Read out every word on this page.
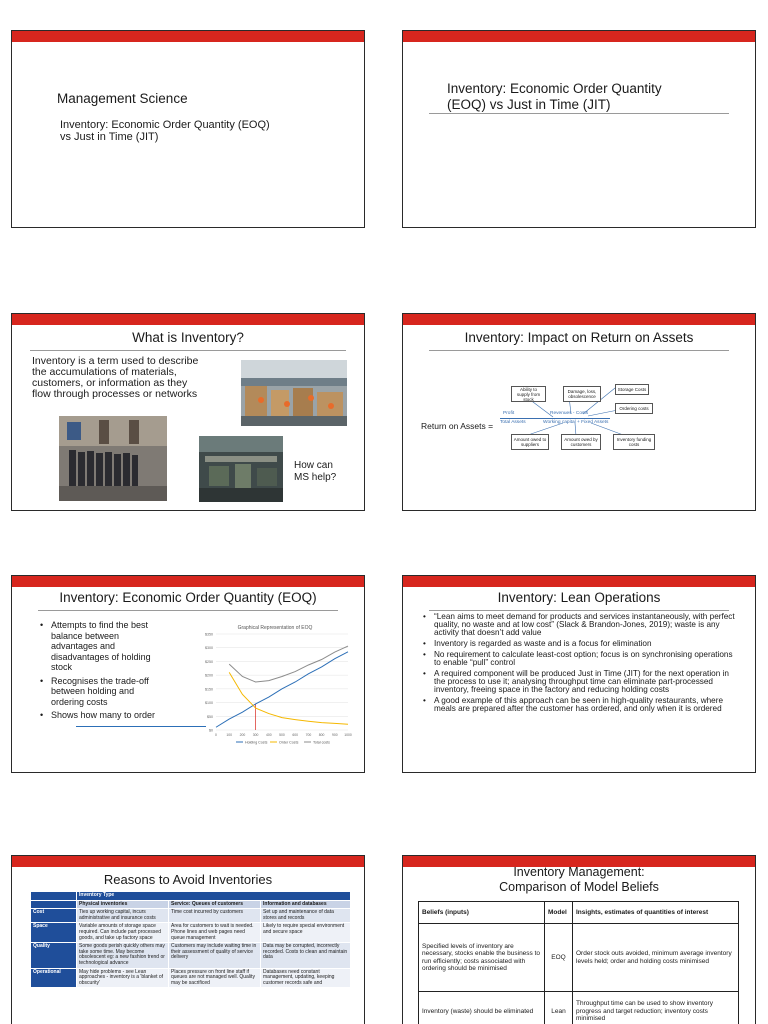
Management Science
Inventory: Economic Order Quantity (EOQ) vs Just in Time (JIT)
Inventory: Economic Order Quantity (EOQ) vs Just in Time (JIT)
What is Inventory?
Inventory is a term used to describe the accumulations of materials, customers, or information as they flow through processes or networks
How can MS help?
Inventory: Impact on Return on Assets
Return on Assets =
Ability to supply from stock
Damage, loss, obsolescence
Storage Costs
Ordering costs
Profit	Revenues - Costs
Total Assets	Working capital + Fixed Assets
Amount owed to suppliers
Amount owed by customers
Inventory funding costs
Inventory: Economic Order Quantity (EOQ)
• Attempts to find the best balance between advantages and disadvantages of holding stock
• Recognises the trade-off between holding and ordering costs
• Shows how many to order
Graphical Representation of EOQ
$0
$50
$100
$150
$200
$250
$300
$350
0	100 200 300 400 500 600 700 800 900 1000
Holding Costs	Order Costs	Total costs
Inventory: Lean Operations
• “Lean aims to meet demand for products and services instantaneously, with perfect quality, no waste and at low cost” (Slack & Brandon-Jones, 2019); waste is any activity that doesn’t add value
• Inventory is regarded as waste and is a focus for elimination
• No requirement to calculate least-cost option; focus is on synchronising operations to enable “pull” control
• A required component will be produced Just in Time (JIT) for the next operation in the process to use it; analysing throughput time can eliminate part-processed inventory, freeing space in the factory and reducing holding costs
• A good example of this approach can be seen in high-quality restaurants, where meals are prepared after the customer has ordered, and only when it is ordered
Reasons to Avoid Inventories
	Inventory Type		
	Physical inventories	Service: Queues of customers	Information and databases
Cost	Ties up working capital, incurs administrative and insurance costs	Time cost incurred by customers	Set up and maintenance of data stores and records
Space	Variable amounts of storage space required. Can include part processed goods, and take up factory space	Area for customers to wait is needed. Phone lines and web pages need queue management	Likely to require special environment and secure space
Quality	Some goods perish quickly others may take some time. May become obsolescent eg: a new fashion trend or technological advance	Customers may include waiting time in their assessment of quality of service delivery	Data may be corrupted, incorrectly recorded. Costs to clean and maintain data
Operational	May hide problems - see Lean approaches - inventory is a 'blanket of obscurity'	Places pressure on front line staff if queues are not managed well. Quality may be sacrificed	Databases need constant management, updating, keeping customer records safe and
Inventory Management:
Comparison of Model Beliefs
Beliefs (inputs)	Model	Insights, estimates of quantities of interest
Specified levels of inventory are necessary, stocks enable the business to run efficiently; costs associated with ordering should be minimised	EOQ	Order stock outs avoided, minimum average inventory levels held; order and holding costs minimised
Inventory (waste) should be eliminated	Lean	Throughput time can be used to show inventory progress and target reduction; inventory costs minimised
